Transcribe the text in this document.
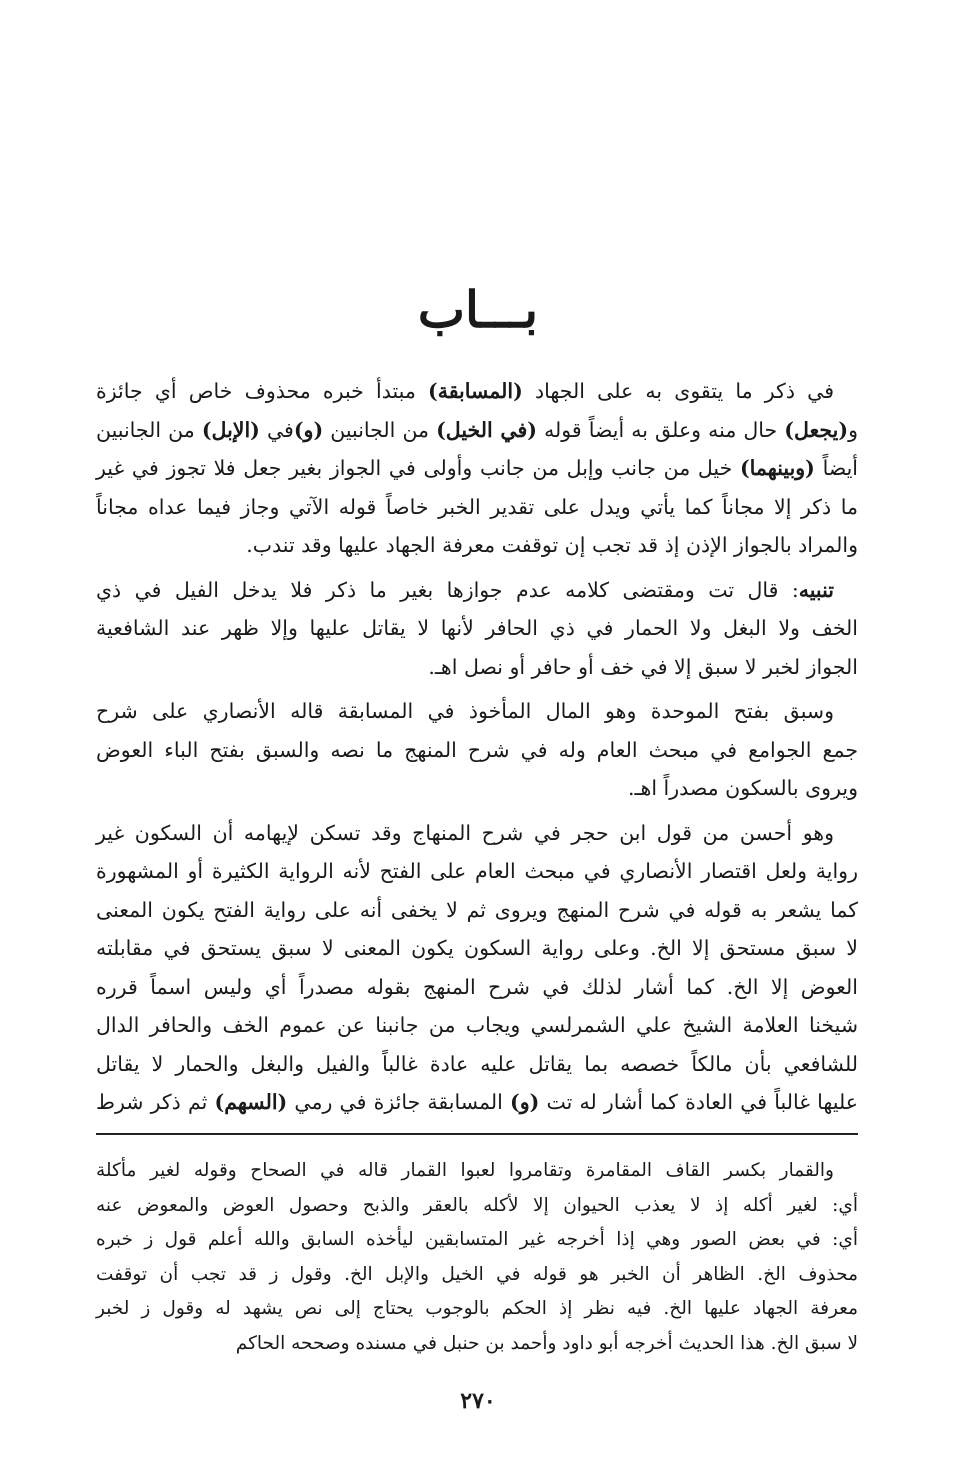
بـــاب
في ذكر ما يتقوى به على الجهاد (المسابقة) مبتدأ خبره محذوف خاص أي جائزة
و(يجعل) حال منه وعلق به أيضاً قوله (في الخيل) من الجانبين (و)في (الإبل) من الجانبين
أيضاً (وبينهما) خيل من جانب وإبل من جانب وأولى في الجواز بغير جعل فلا تجوز في غير
ما ذكر إلا مجاناً كما يأتي ويدل على تقدير الخبر خاصاً قوله الآتي وجاز فيما عداه مجاناً
والمراد بالجواز الإذن إذ قد تجب إن توقفت معرفة الجهاد عليها وقد تندب.
تنبيه: قال تت ومقتضى كلامه عدم جوازها بغير ما ذكر فلا يدخل الفيل في ذي
الخف ولا البغل ولا الحمار في ذي الحافر لأنها لا يقاتل عليها وإلا ظهر عند الشافعية
الجواز لخبر لا سبق إلا في خف أو حافر أو نصل اهـ.
وسبق بفتح الموحدة وهو المال المأخوذ في المسابقة قاله الأنصاري على شرح
جمع الجوامع في مبحث العام وله في شرح المنهج ما نصه والسبق بفتح الباء العوض
ويروى بالسكون مصدراً اهـ.
وهو أحسن من قول ابن حجر في شرح المنهاج وقد تسكن لإيهامه أن السكون غير
رواية ولعل اقتصار الأنصاري في مبحث العام على الفتح لأنه الرواية الكثيرة أو المشهورة
كما يشعر به قوله في شرح المنهج ويروى ثم لا يخفى أنه على رواية الفتح يكون المعنى
لا سبق مستحق إلا الخ. وعلى رواية السكون يكون المعنى لا سبق يستحق في مقابلته
العوض إلا الخ. كما أشار لذلك في شرح المنهج بقوله مصدراً أي وليس اسماً قرره
شيخنا العلامة الشيخ علي الشمرلسي ويجاب من جانبنا عن عموم الخف والحافر الدال
للشافعي بأن مالكاً خصصه بما يقاتل عليه عادة غالباً والفيل والبغل والحمار لا يقاتل
عليها غالباً في العادة كما أشار له تت (و) المسابقة جائزة في رمي (السهم) ثم ذكر شرط

والقمار بكسر القاف المقامرة وتقامروا لعبوا القمار قاله في الصحاح وقوله لغير مأكلة

أي: لغير أكله إذ لا يعذب الحيوان إلا لأكله بالعقر والذبح وحصول العوض والمعوض عنه

أي: في بعض الصور وهي إذا أخرجه غير المتسابقين ليأخذه السابق والله أعلم قول ز خبره

محذوف الخ. الظاهر أن الخبر هو قوله في الخيل والإبل الخ. وقول ز قد تجب أن توقفت

معرفة الجهاد عليها الخ. فيه نظر إذ الحكم بالوجوب يحتاج إلى نص يشهد له وقول ز لخبر

لا سبق الخ. هذا الحديث أخرجه أبو داود وأحمد بن حنبل في مسنده وصححه الحاكم

٢٧٠
